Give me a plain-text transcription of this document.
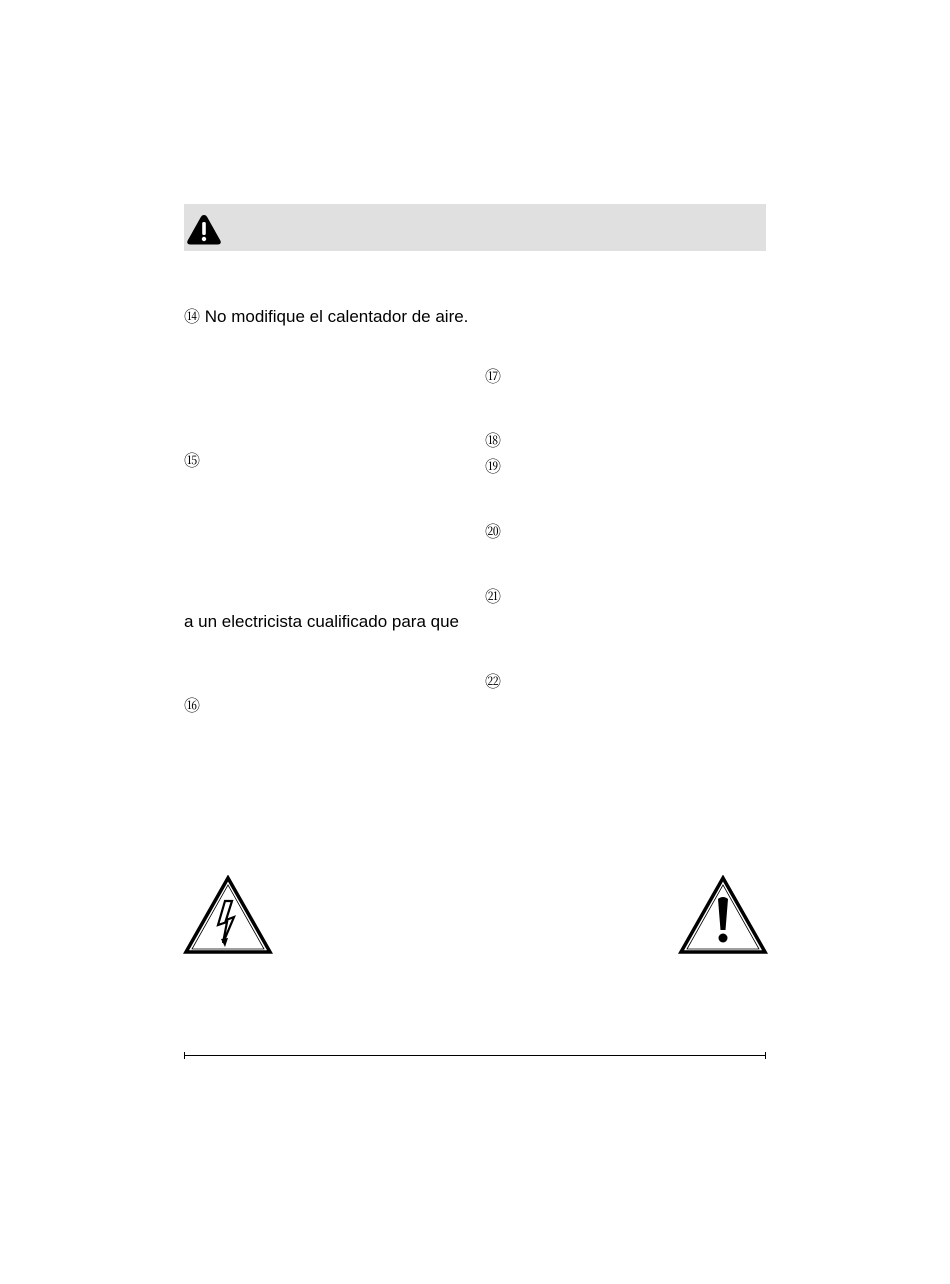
⑭ No modifique el calentador de aire.
⑮
a un electricista cualificado para que
⑯
⑰
⑱
⑲
⑳
㉑
㉒
